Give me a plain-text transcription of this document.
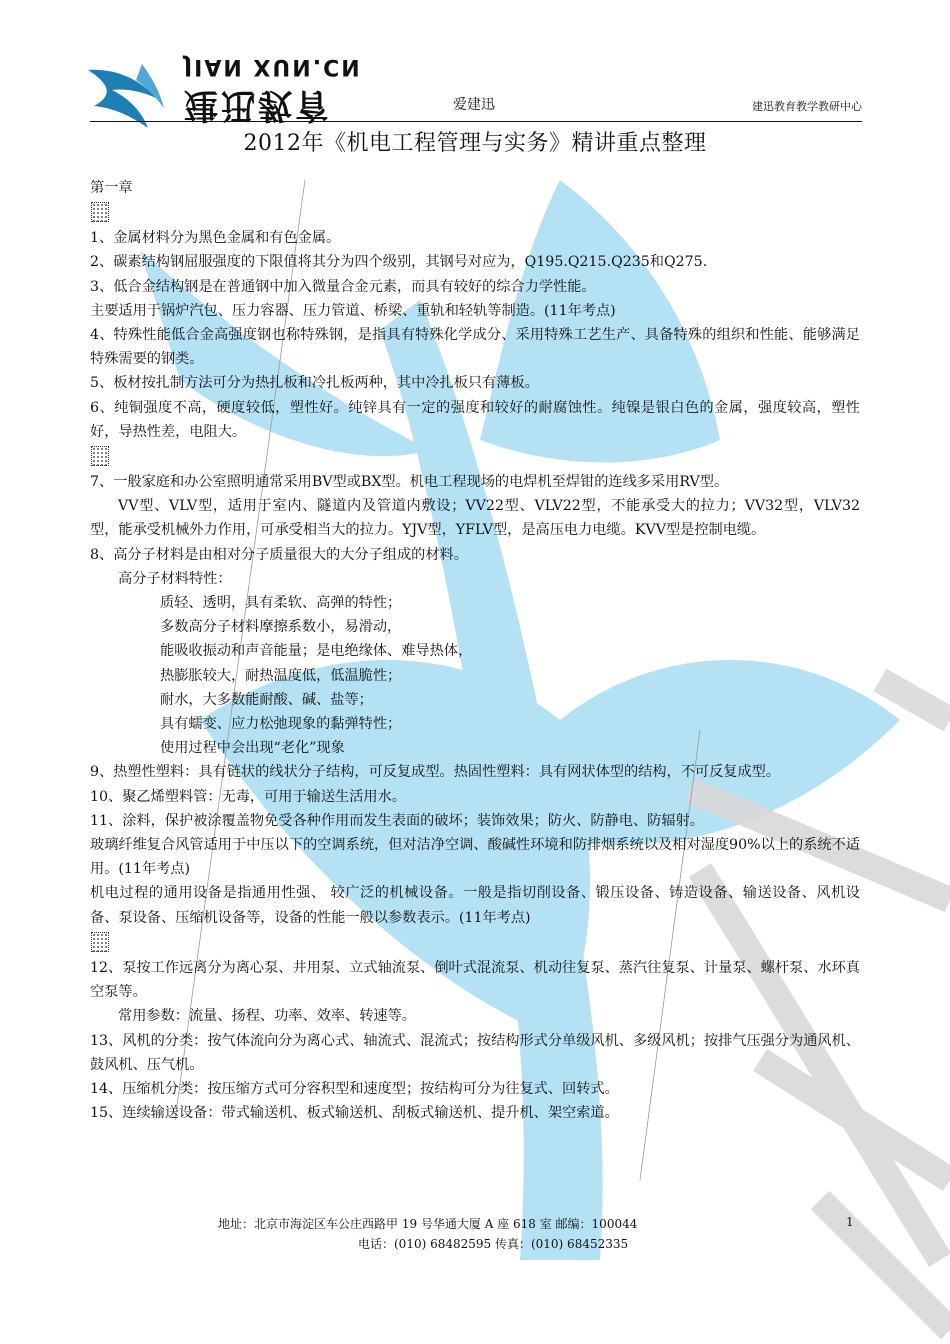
JIAN XUN.CN
建迅教育	爱建迅	建迅教育教学教研中心
2012年《机电工程管理与实务》精讲重点整理

第一章

1、金属材料分为黑色金属和有色金属。

2、碳素结构钢屈服强度的下限值将其分为四个级别，其钢号对应为，Q195.Q215.Q235和Q275.

3、低合金结构钢是在普通钢中加入微量合金元素，而具有较好的综合力学性能。

主要适用于锅炉汽包、压力容器、压力管道、桥梁、重轨和轻轨等制造。(11年考点)

4、特殊性能低合金高强度钢也称特殊钢，是指具有特殊化学成分、采用特殊工艺生产、具备特殊的组织和性能、能够满足特殊需要的钢类。

5、板材按扎制方法可分为热扎板和冷扎板两种，其中冷扎板只有薄板。

6、纯铜强度不高，硬度较低，塑性好。纯锌具有一定的强度和较好的耐腐蚀性。纯镍是银白色的金属，强度较高，塑性好，导热性差，电阻大。

7、一般家庭和办公室照明通常采用BV型或BX型。机电工程现场的电焊机至焊钳的连线多采用RV型。

VV型、VLV型，适用于室内、隧道内及管道内敷设；VV22型、VLV22型，不能承受大的拉力；VV32型，VLV32型，能承受机械外力作用，可承受相当大的拉力。YJV型，YFLV型，是高压电力电缆。KVV型是控制电缆。

8、高分子材料是由相对分子质量很大的大分子组成的材料。

高分子材料特性：

质轻、透明，具有柔软、高弹的特性；

多数高分子材料摩擦系数小，易滑动，

能吸收振动和声音能量；是电绝缘体、难导热体，

热膨胀较大，耐热温度低，低温脆性；

耐水，大多数能耐酸、碱、盐等；

具有蠕变、应力松弛现象的黏弹特性；

使用过程中会出现“老化”现象

9、热塑性塑料：具有链状的线状分子结构，可反复成型。热固性塑料：具有网状体型的结构，不可反复成型。

10、聚乙烯塑料管：无毒，可用于输送生活用水。

11、涂料，保护被涂覆盖物免受各种作用而发生表面的破坏；装饰效果；防火、防静电、防辐射。

玻璃纤维复合风管适用于中压以下的空调系统，但对洁净空调、酸碱性环境和防排烟系统以及相对湿度90%以上的系统不适用。(11年考点)

机电过程的通用设备是指通用性强、 较广泛的机械设备。一般是指切削设备、锻压设备、铸造设备、输送设备、风机设备、泵设备、压缩机设备等，设备的性能一般以参数表示。(11年考点)

12、泵按工作远离分为离心泵、井用泵、立式轴流泵、倒叶式混流泵、机动往复泵、蒸汽往复泵、计量泵、螺杆泵、水环真空泵等。

常用参数：流量、扬程、功率、效率、转速等。

13、风机的分类：按气体流向分为离心式、轴流式、混流式；按结构形式分单级风机、多级风机；按排气压强分为通风机、鼓风机、压气机。

14、压缩机分类：按压缩方式可分容积型和速度型；按结构可分为往复式、回转式。

15、连续输送设备：带式输送机、板式输送机、刮板式输送机、提升机、架空索道。

地址：北京市海淀区车公庄西路甲 19 号华通大厦 A 座 618 室 邮编：100044
电话：(010) 68482595 传真：(010) 68452335
1
